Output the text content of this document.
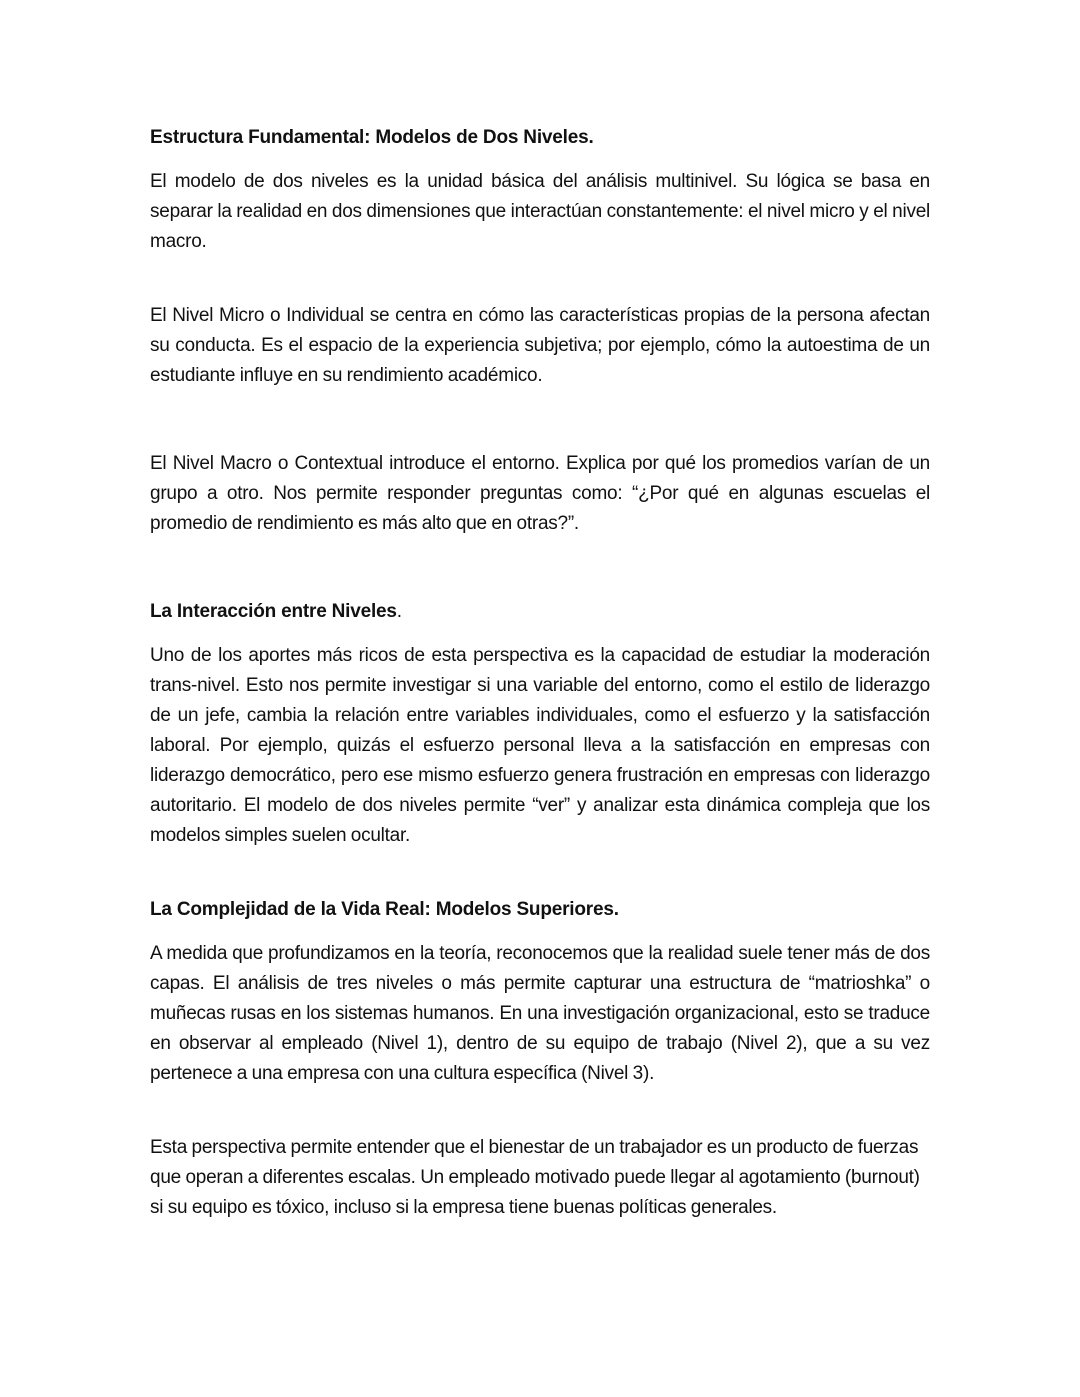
Estructura Fundamental: Modelos de Dos Niveles.
El modelo de dos niveles es la unidad básica del análisis multinivel. Su lógica se basa en separar la realidad en dos dimensiones que interactúan constantemente: el nivel micro y el nivel macro.
El Nivel Micro o Individual se centra en cómo las características propias de la persona afectan su conducta. Es el espacio de la experiencia subjetiva; por ejemplo, cómo la autoestima de un estudiante influye en su rendimiento académico.
El Nivel Macro o Contextual introduce el entorno. Explica por qué los promedios varían de un grupo a otro. Nos permite responder preguntas como: “¿Por qué en algunas escuelas el promedio de rendimiento es más alto que en otras?”.
La Interacción entre Niveles.
Uno de los aportes más ricos de esta perspectiva es la capacidad de estudiar la moderación trans-nivel. Esto nos permite investigar si una variable del entorno, como el estilo de liderazgo de un jefe, cambia la relación entre variables individuales, como el esfuerzo y la satisfacción laboral. Por ejemplo, quizás el esfuerzo personal lleva a la satisfacción en empresas con liderazgo democrático, pero ese mismo esfuerzo genera frustración en empresas con liderazgo autoritario. El modelo de dos niveles permite “ver” y analizar esta dinámica compleja que los modelos simples suelen ocultar.
La Complejidad de la Vida Real: Modelos Superiores.
A medida que profundizamos en la teoría, reconocemos que la realidad suele tener más de dos capas. El análisis de tres niveles o más permite capturar una estructura de “matrioshka” o muñecas rusas en los sistemas humanos. En una investigación organizacional, esto se traduce en observar al empleado (Nivel 1), dentro de su equipo de trabajo (Nivel 2), que a su vez pertenece a una empresa con una cultura específica (Nivel 3).
Esta perspectiva permite entender que el bienestar de un trabajador es un producto de fuerzas que operan a diferentes escalas. Un empleado motivado puede llegar al agotamiento (burnout) si su equipo es tóxico, incluso si la empresa tiene buenas políticas generales.
